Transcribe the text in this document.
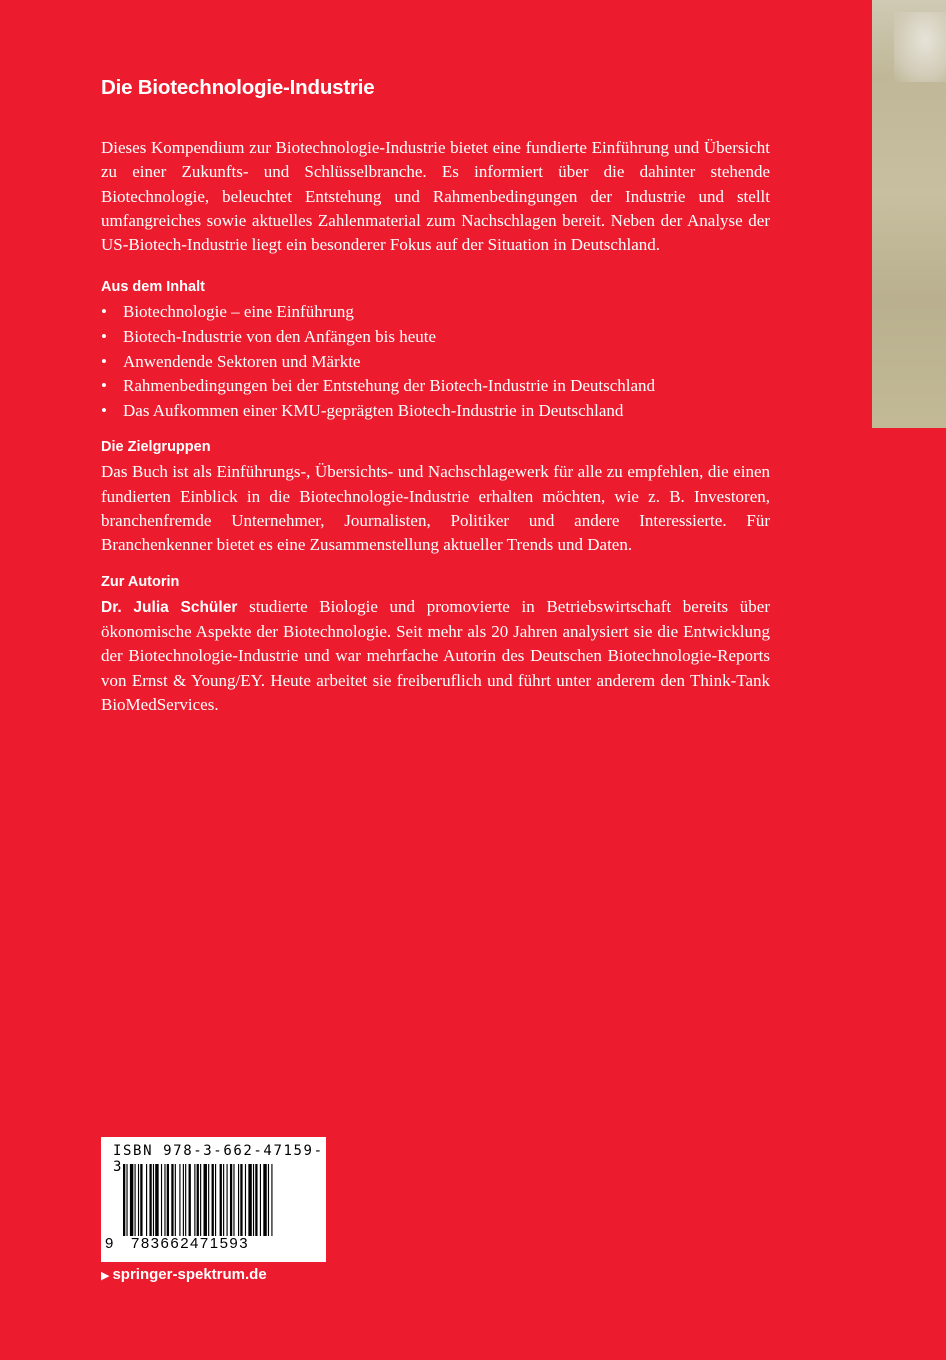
Die Biotechnologie-Industrie

Dieses Kompendium zur Biotechnologie-Industrie bietet eine fundierte Einführung und Übersicht zu einer Zukunfts- und Schlüsselbranche. Es informiert über die dahinter stehende Biotechnologie, beleuchtet Entstehung und Rahmenbedingungen der Industrie und stellt umfangreiches sowie aktuelles Zahlenmaterial zum Nachschlagen bereit. Neben der Analyse der US-Biotech-Industrie liegt ein besonderer Fokus auf der Situation in Deutschland.

Aus dem Inhalt
• Biotechnologie – eine Einführung
• Biotech-Industrie von den Anfängen bis heute
• Anwendende Sektoren und Märkte
• Rahmenbedingungen bei der Entstehung der Biotech-Industrie in Deutschland
• Das Aufkommen einer KMU-geprägten Biotech-Industrie in Deutschland
Die Zielgruppen

Das Buch ist als Einführungs-, Übersichts- und Nachschlagewerk für alle zu empfehlen, die einen fundierten Einblick in die Biotechnologie-Industrie erhalten möchten, wie z. B. Investoren, branchenfremde Unternehmer, Journalisten, Politiker und andere Interessierte. Für Branchenkenner bietet es eine Zusammenstellung aktueller Trends und Daten.

Zur Autorin

Dr. Julia Schüler studierte Biologie und promovierte in Betriebswirtschaft bereits über ökonomische Aspekte der Biotechnologie. Seit mehr als 20 Jahren analysiert sie die Entwicklung der Biotechnologie-Industrie und war mehrfache Autorin des Deutschen Biotechnologie-Reports von Ernst & Young/EY. Heute arbeitet sie freiberuflich und führt unter anderem den Think-Tank BioMedServices.

ISBN 978-3-662-47159-3
9 783662471593
▶ springer-spektrum.de
